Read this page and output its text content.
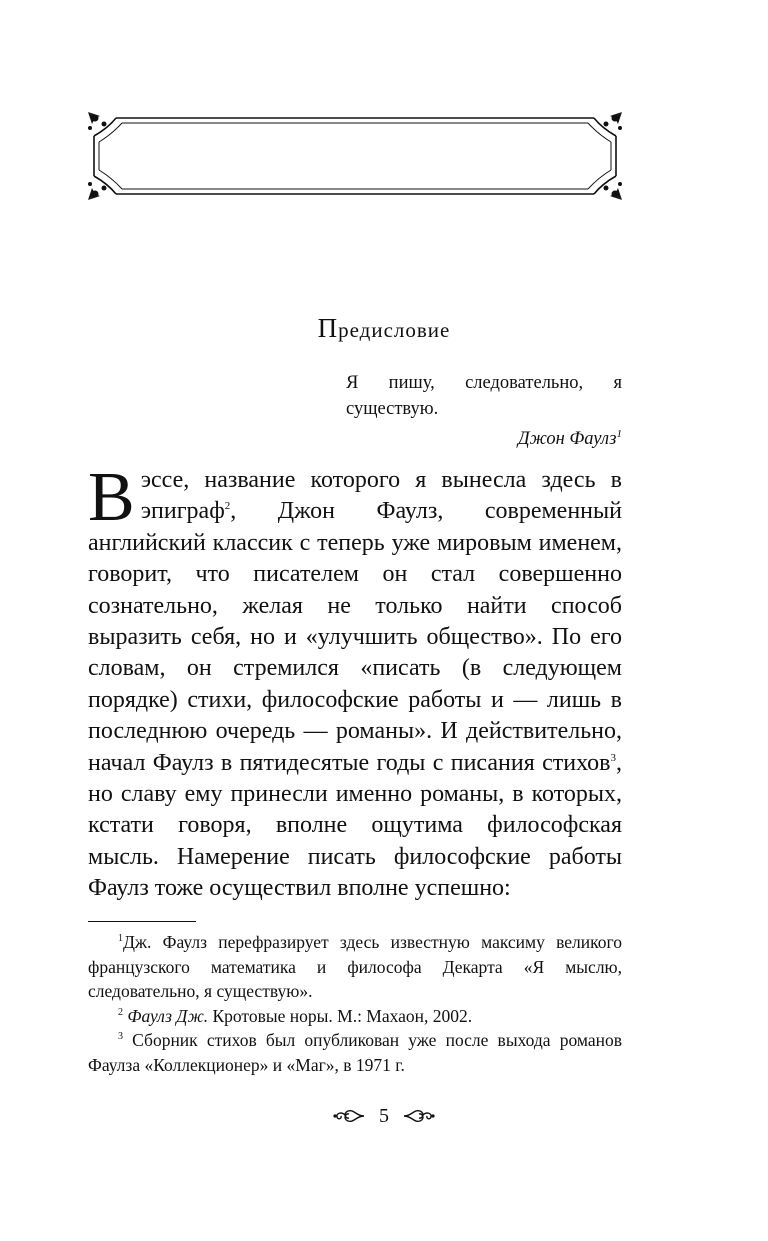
Предисловие
Я пишу, следовательно, я существую.
Джон Фаулз$^1$

В эссе, название которого я вынесла здесь в эпиграф$^2$, Джон Фаулз, современный английский классик с теперь уже мировым именем, говорит, что писателем он стал совершенно сознательно, желая не только найти способ выразить себя, но и «улучшить общество». По его словам, он стремился «писать (в следующем порядке) стихи, философские работы и — лишь в последнюю очередь — романы». И действительно, начал Фаулз в пятидесятые годы с писания стихов$^3$, но славу ему принесли именно романы, в которых, кстати говоря, вполне ощутима философская мысль. Намерение писать философские работы Фаулз тоже осуществил вполне успешно:

$^1$Дж. Фаулз перефразирует здесь известную максиму великого французского математика и философа Декарта «Я мыслю, следовательно, я существую».

$^2$ Фаулз Дж. Кротовые норы. М.: Махаон, 2002.

$^3$ Сборник стихов был опубликован уже после выхода романов Фаулза «Коллекционер» и «Маг», в 1971 г.

5
